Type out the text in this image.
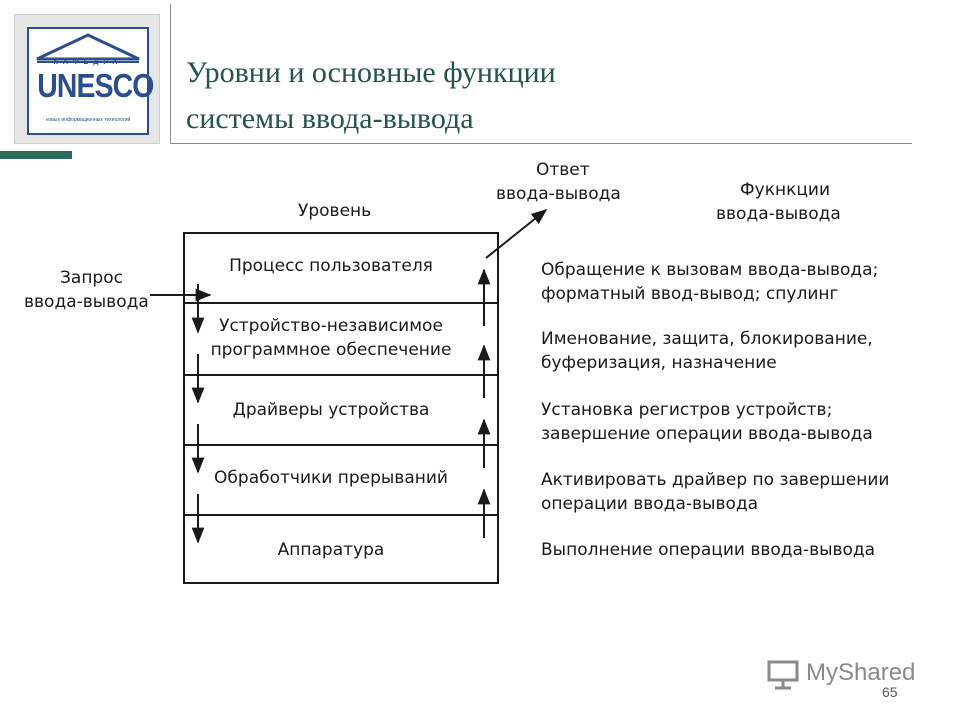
КАФЕДРА
UNESCO
новых информационных технологий
Уровни и основные функции
системы ввода-вывода
Уровень
Запрос
ввода-вывода
Ответ
ввода-вывода	Фукнкции
ввода-вывода
Процесс пользователя
Устройство-независимое
программное обеспечение
Драйверы устройства
Обработчики прерываний
Аппаратура
Обращение к вызовам ввода-вывода;
форматный ввод-вывод; спулинг
Именование, защита, блокирование,
буферизация, назначение
Установка регистров устройств;
завершение операции ввода-вывода
Активировать драйвер по завершении
операции ввода-вывода
Выполнение операции ввода-вывода
MyShared
65
